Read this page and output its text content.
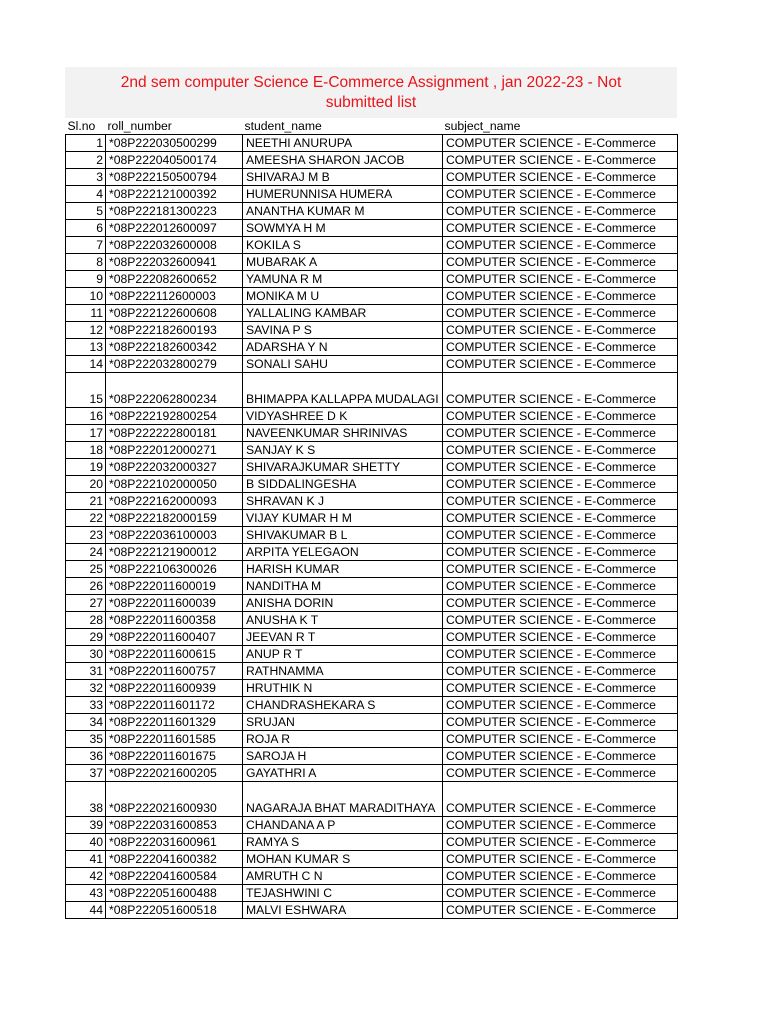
2nd sem computer Science E-Commerce Assignment , jan 2022-23 - Not
submitted list
Sl.no	roll_number	student_name	subject_name
1	*08P222030500299	NEETHI ANURUPA	COMPUTER SCIENCE - E-Commerce
2	*08P222040500174	AMEESHA SHARON JACOB	COMPUTER SCIENCE - E-Commerce
3	*08P222150500794	SHIVARAJ M B	COMPUTER SCIENCE - E-Commerce
4	*08P222121000392	HUMERUNNISA HUMERA	COMPUTER SCIENCE - E-Commerce
5	*08P222181300223	ANANTHA KUMAR M	COMPUTER SCIENCE - E-Commerce
6	*08P222012600097	SOWMYA H M	COMPUTER SCIENCE - E-Commerce
7	*08P222032600008	KOKILA S	COMPUTER SCIENCE - E-Commerce
8	*08P222032600941	MUBARAK A	COMPUTER SCIENCE - E-Commerce
9	*08P222082600652	YAMUNA R M	COMPUTER SCIENCE - E-Commerce
10	*08P222112600003	MONIKA M U	COMPUTER SCIENCE - E-Commerce
11	*08P222122600608	YALLALING KAMBAR	COMPUTER SCIENCE - E-Commerce
12	*08P222182600193	SAVINA P S	COMPUTER SCIENCE - E-Commerce
13	*08P222182600342	ADARSHA Y N	COMPUTER SCIENCE - E-Commerce
14	*08P222032800279	SONALI SAHU	COMPUTER SCIENCE - E-Commerce
15	*08P222062800234	BHIMAPPA KALLAPPA MUDALAGI	COMPUTER SCIENCE - E-Commerce
16	*08P222192800254	VIDYASHREE D K	COMPUTER SCIENCE - E-Commerce
17	*08P222222800181	NAVEENKUMAR SHRINIVAS	COMPUTER SCIENCE - E-Commerce
18	*08P222012000271	SANJAY K S	COMPUTER SCIENCE - E-Commerce
19	*08P222032000327	SHIVARAJKUMAR SHETTY	COMPUTER SCIENCE - E-Commerce
20	*08P222102000050	B SIDDALINGESHA	COMPUTER SCIENCE - E-Commerce
21	*08P222162000093	SHRAVAN K J	COMPUTER SCIENCE - E-Commerce
22	*08P222182000159	VIJAY KUMAR H M	COMPUTER SCIENCE - E-Commerce
23	*08P222036100003	SHIVAKUMAR B L	COMPUTER SCIENCE - E-Commerce
24	*08P222121900012	ARPITA YELEGAON	COMPUTER SCIENCE - E-Commerce
25	*08P222106300026	HARISH KUMAR	COMPUTER SCIENCE - E-Commerce
26	*08P222011600019	NANDITHA M	COMPUTER SCIENCE - E-Commerce
27	*08P222011600039	ANISHA DORIN	COMPUTER SCIENCE - E-Commerce
28	*08P222011600358	ANUSHA K T	COMPUTER SCIENCE - E-Commerce
29	*08P222011600407	JEEVAN R T	COMPUTER SCIENCE - E-Commerce
30	*08P222011600615	ANUP R T	COMPUTER SCIENCE - E-Commerce
31	*08P222011600757	RATHNAMMA	COMPUTER SCIENCE - E-Commerce
32	*08P222011600939	HRUTHIK N	COMPUTER SCIENCE - E-Commerce
33	*08P222011601172	CHANDRASHEKARA S	COMPUTER SCIENCE - E-Commerce
34	*08P222011601329	SRUJAN	COMPUTER SCIENCE - E-Commerce
35	*08P222011601585	ROJA R	COMPUTER SCIENCE - E-Commerce
36	*08P222011601675	SAROJA H	COMPUTER SCIENCE - E-Commerce
37	*08P222021600205	GAYATHRI A	COMPUTER SCIENCE - E-Commerce
38	*08P222021600930	NAGARAJA BHAT MARADITHAYA	COMPUTER SCIENCE - E-Commerce
39	*08P222031600853	CHANDANA A P	COMPUTER SCIENCE - E-Commerce
40	*08P222031600961	RAMYA S	COMPUTER SCIENCE - E-Commerce
41	*08P222041600382	MOHAN KUMAR S	COMPUTER SCIENCE - E-Commerce
42	*08P222041600584	AMRUTH C N	COMPUTER SCIENCE - E-Commerce
43	*08P222051600488	TEJASHWINI C	COMPUTER SCIENCE - E-Commerce
44	*08P222051600518	MALVI ESHWARA	COMPUTER SCIENCE - E-Commerce
